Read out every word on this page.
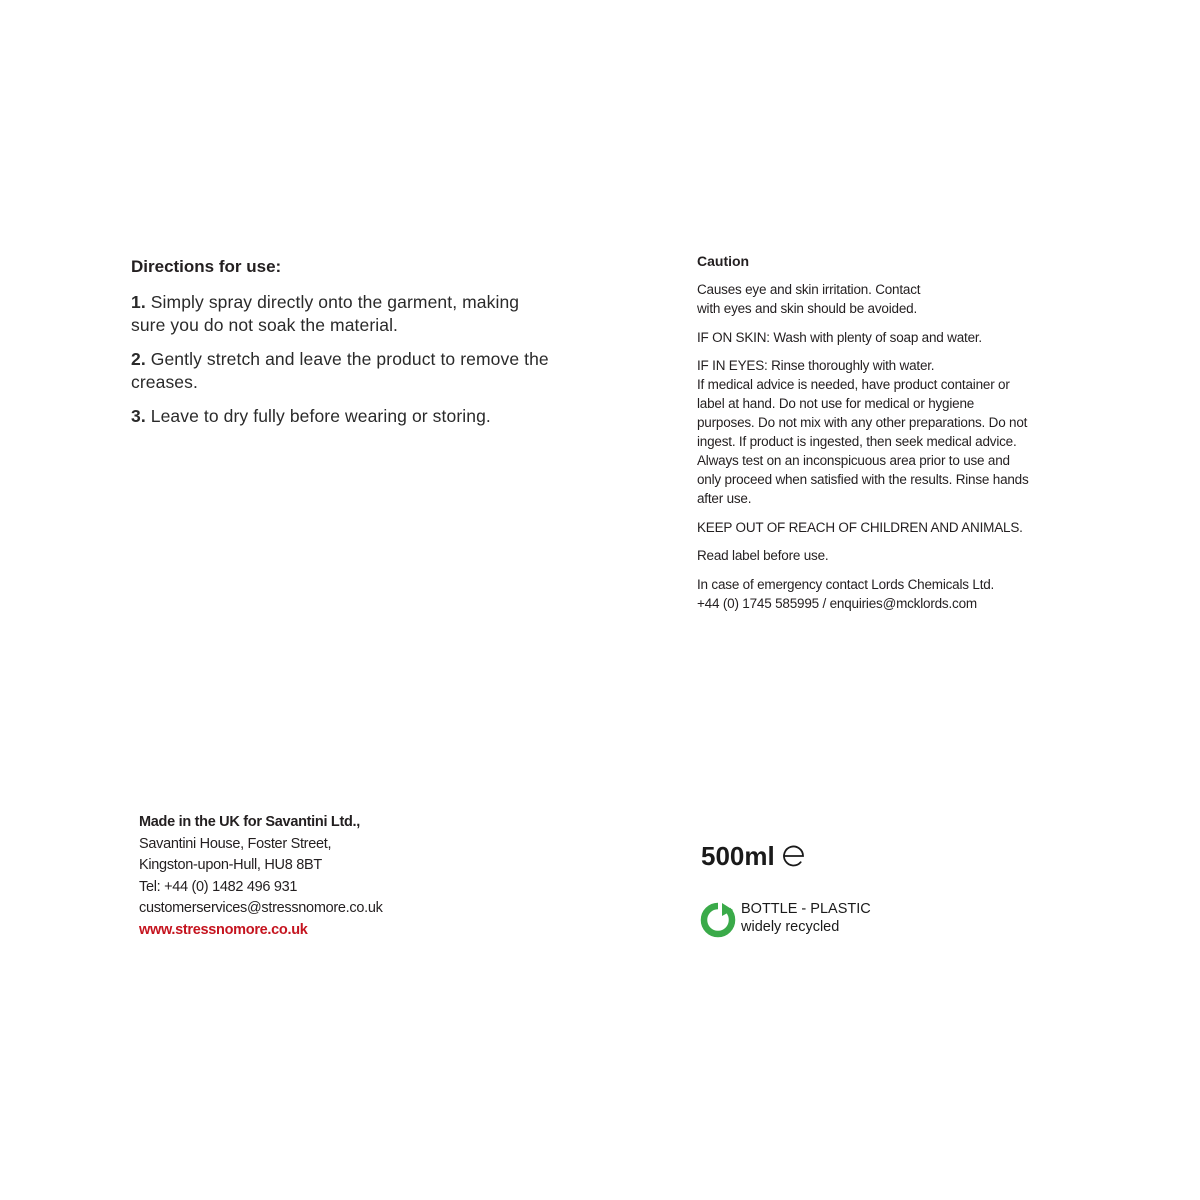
Directions for use:
1. Simply spray directly onto the garment, making sure you do not soak the material.
2. Gently stretch and leave the product to remove the creases.
3. Leave to dry fully before wearing or storing.
Caution

Causes eye and skin irritation. Contact
with eyes and skin should be avoided.

IF ON SKIN: Wash with plenty of soap and water.

IF IN EYES: Rinse thoroughly with water.
If medical advice is needed, have product container or
label at hand. Do not use for medical or hygiene
purposes. Do not mix with any other preparations. Do not
ingest. If product is ingested, then seek medical advice.
Always test on an inconspicuous area prior to use and
only proceed when satisfied with the results. Rinse hands
after use.

KEEP OUT OF REACH OF CHILDREN AND ANIMALS.

Read label before use.

In case of emergency contact Lords Chemicals Ltd.
+44 (0) 1745 585995 / enquiries@mcklords.com

Made in the UK for Savantini Ltd.,
Savantini House, Foster Street,
Kingston-upon-Hull, HU8 8BT
Tel: +44 (0) 1482 496 931
customerservices@stressnomore.co.uk
www.stressnomore.co.uk
500ml
BOTTLE - PLASTIC
widely recycled
